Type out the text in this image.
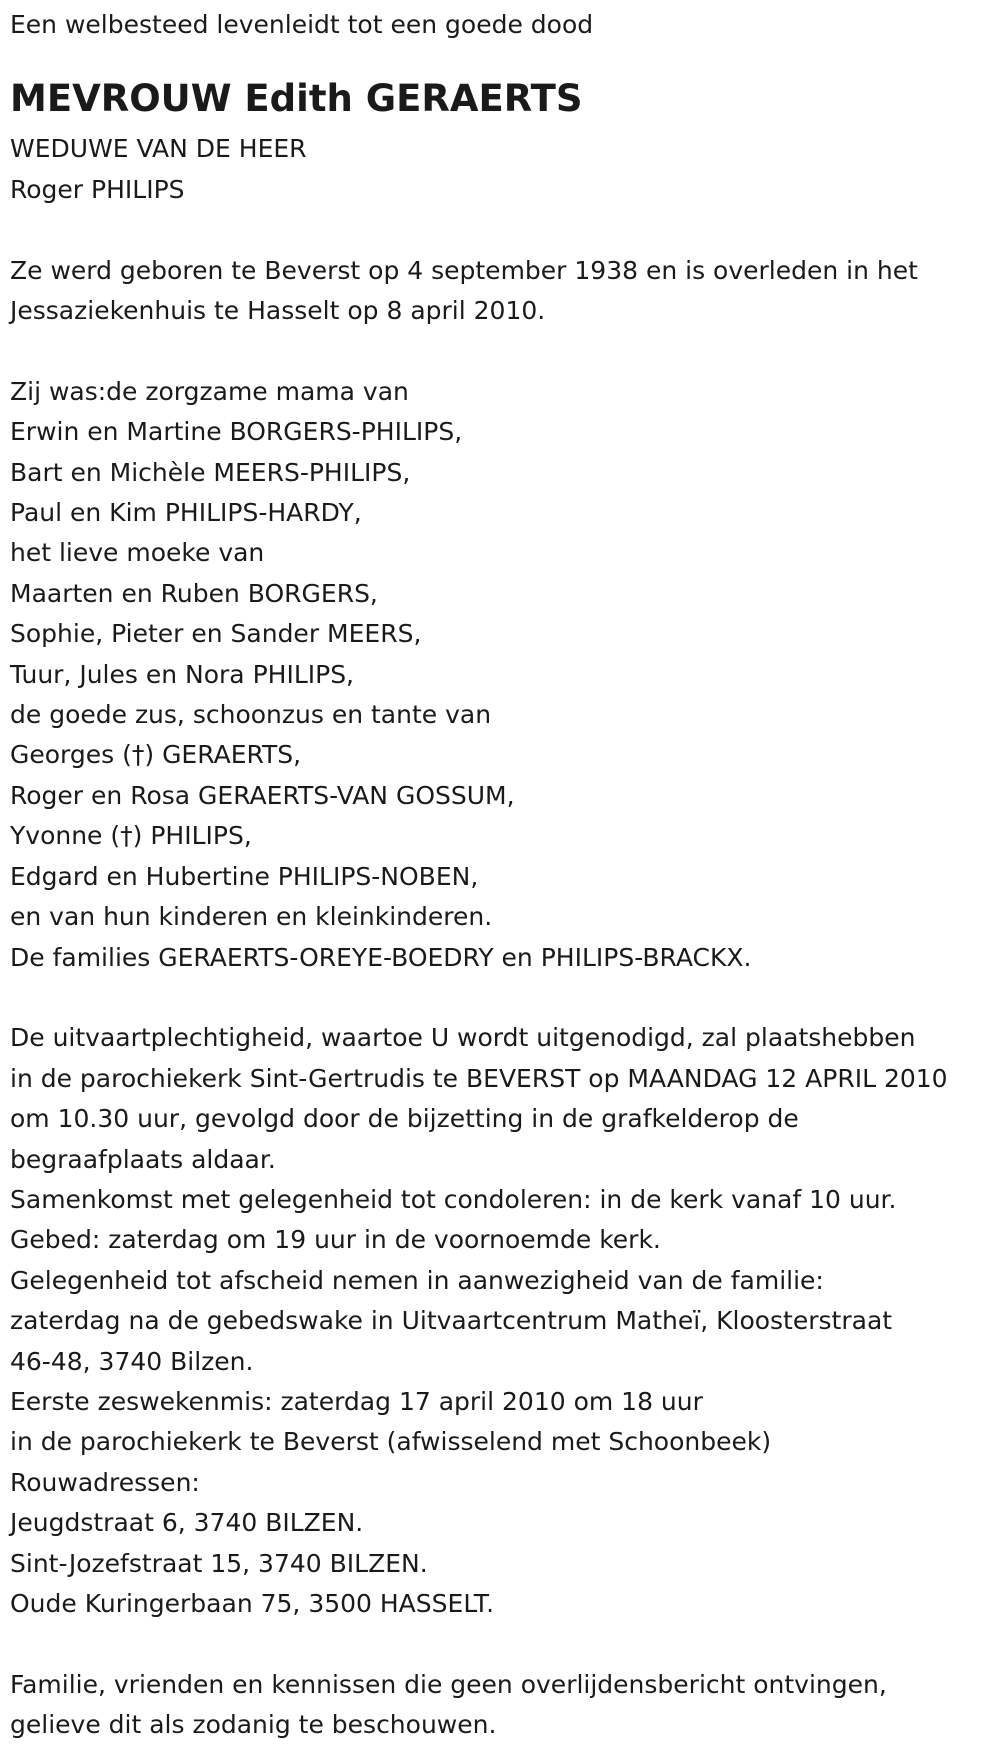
Een welbesteed levenleidt tot een goede dood

MEVROUW Edith GERAERTS

WEDUWE VAN DE HEER

Roger PHILIPS

Ze werd geboren te Beverst op 4 september 1938 en is overleden in het

Jessaziekenhuis te Hasselt op 8 april 2010.

Zij was:de zorgzame mama van

Erwin en Martine BORGERS-PHILIPS,

Bart en Michèle MEERS-PHILIPS,

Paul en Kim PHILIPS-HARDY,

het lieve moeke van

Maarten en Ruben BORGERS,

Sophie, Pieter en Sander MEERS,

Tuur, Jules en Nora PHILIPS,

de goede zus, schoonzus en tante van

Georges (†) GERAERTS,

Roger en Rosa GERAERTS-VAN GOSSUM,

Yvonne (†) PHILIPS,

Edgard en Hubertine PHILIPS-NOBEN,

en van hun kinderen en kleinkinderen.

De families GERAERTS-OREYE-BOEDRY en PHILIPS-BRACKX.

De uitvaartplechtigheid, waartoe U wordt uitgenodigd, zal plaatshebben

in de parochiekerk Sint-Gertrudis te BEVERST op MAANDAG 12 APRIL 2010

om 10.30 uur, gevolgd door de bijzetting in de grafkelderop de

begraafplaats aldaar.

Samenkomst met gelegenheid tot condoleren: in de kerk vanaf 10 uur.

Gebed: zaterdag om 19 uur in de voornoemde kerk.

Gelegenheid tot afscheid nemen in aanwezigheid van de familie:

zaterdag na de gebedswake in Uitvaartcentrum Matheï, Kloosterstraat

46-48, 3740 Bilzen.

Eerste zeswekenmis: zaterdag 17 april 2010 om 18 uur

in de parochiekerk te Beverst (afwisselend met Schoonbeek)

Rouwadressen:

Jeugdstraat 6, 3740 BILZEN.

Sint-Jozefstraat 15, 3740 BILZEN.

Oude Kuringerbaan 75, 3500 HASSELT.

Familie, vrienden en kennissen die geen overlijdensbericht ontvingen,

gelieve dit als zodanig te beschouwen.
